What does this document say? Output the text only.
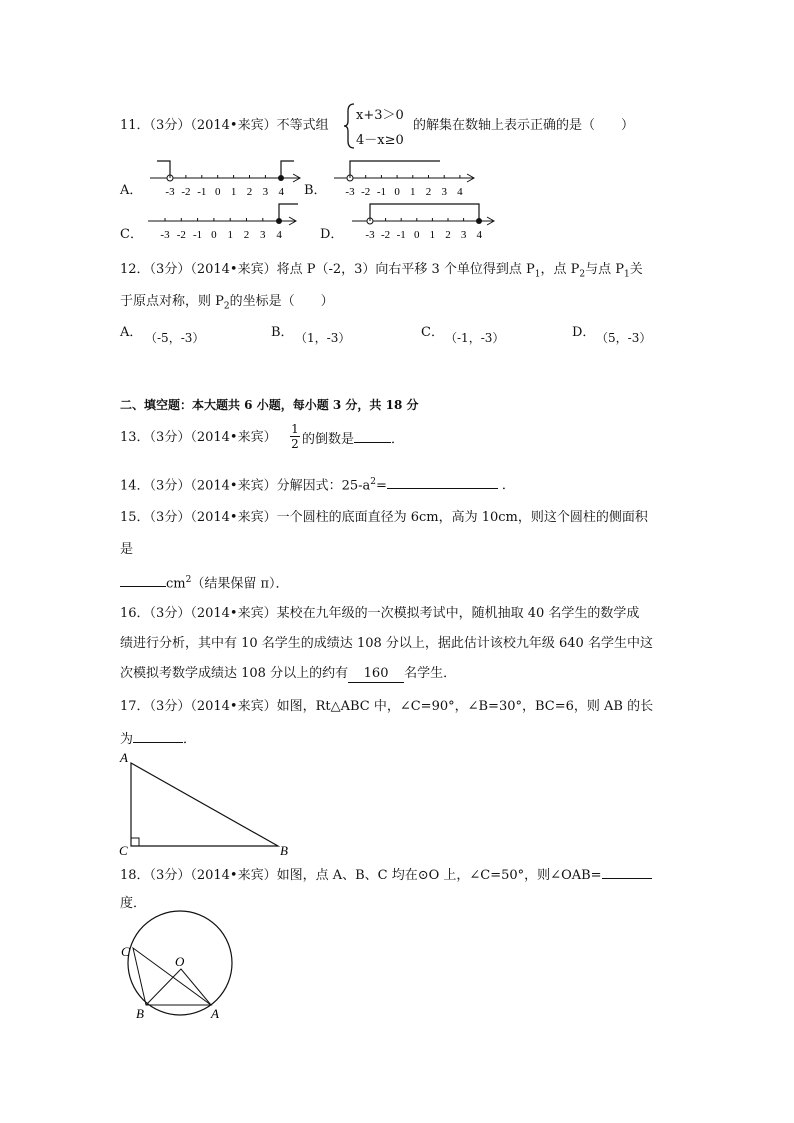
11．（3分）（2014•来宾）不等式组
x+3＞0
4－x≥0
的解集在数轴上表示正确的是（　　）
A．	B．
C．	D．
-3 -2 -1 0 1 2 3 4	-3 -2 -1 0 1 2 3 4
-3 -2 -1 0 1 2 3 4	-3 -2 -1 0 1 2 3 4
12．（3分）（2014•来宾）将点 P（-2，3）向右平移 3 个单位得到点 $P_1$，点 $P_2$与点 $P_1$关
于原点对称，则 $P_2$的坐标是（　　）
A． （-5，-3）	B． （1，-3）	C． （-1，-3）	D． （5，-3）
二、填空题：本大题共 6 小题，每小题 3 分，共 18 分
13．（3分）（2014•来宾）
1
2 的倒数是	．
14．（3分）（2014•来宾）分解因式：$25-a^2=$	．
15．（3分）（2014•来宾）一个圆柱的底面直径为 6cm，高为 10cm，则这个圆柱的侧面积
是
$cm^2$（结果保留 π）．
16．（3分）（2014•来宾）某校在九年级的一次模拟考试中，随机抽取 40 名学生的数学成
绩进行分析，其中有 10 名学生的成绩达 108 分以上，据此估计该校九年级 640 名学生中这
次模拟考数学成绩达 108 分以上的约有 160 名学生．
17．（3分）（2014•来宾）如图，Rt△ABC 中，∠C=90°，∠B=30°，BC=6，则 AB 的长
为	．
A
C	B
18．（3分）（2014•来宾）如图，点 A、B、C 均在⊙O 上，∠C=50°，则∠OAB=
度．
C
O
B	A
